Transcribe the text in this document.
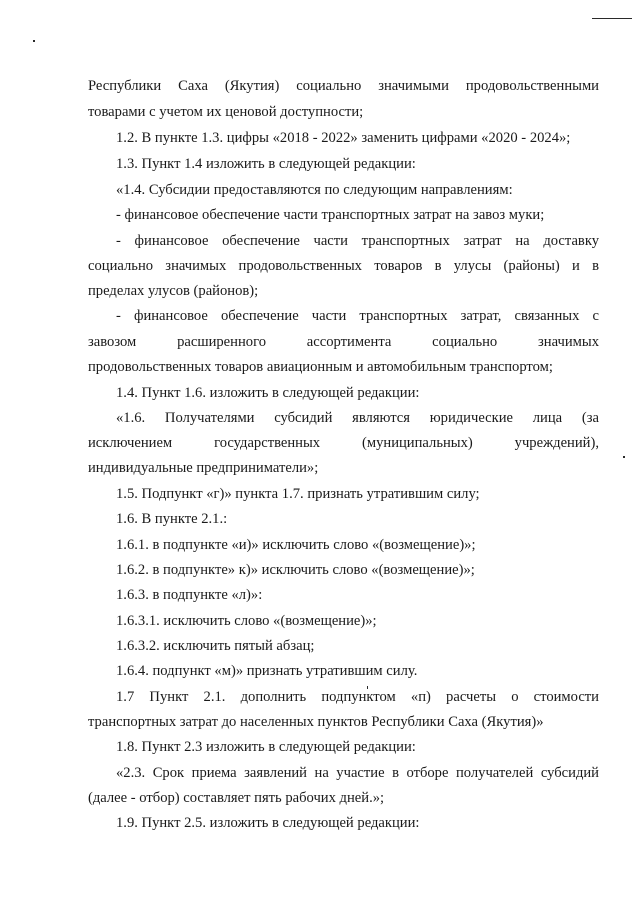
Республики Саха (Якутия) социально значимыми продовольственными
товарами с учетом их ценовой доступности;
1.2. В пункте 1.3. цифры «2018 - 2022» заменить цифрами «2020 - 2024»;
1.3. Пункт 1.4 изложить в следующей редакции:
«1.4. Субсидии предоставляются по следующим направлениям:
- финансовое обеспечение части транспортных затрат на завоз муки;
- финансовое обеспечение части транспортных затрат на доставку
социально значимых продовольственных товаров в улусы (районы) и в
пределах улусов (районов);
- финансовое обеспечение части транспортных затрат, связанных с
завозом расширенного ассортимента социально значимых
продовольственных товаров авиационным и автомобильным транспортом;
1.4. Пункт 1.6. изложить в следующей редакции:
«1.6. Получателями субсидий являются юридические лица (за
исключением государственных (муниципальных) учреждений),
индивидуальные предприниматели»;
1.5. Подпункт «г)» пункта 1.7. признать утратившим силу;
1.6. В пункте 2.1.:
1.6.1. в подпункте «и)» исключить слово «(возмещение)»;
1.6.2. в подпункте» к)» исключить слово «(возмещение)»;
1.6.3. в подпункте «л)»:
1.6.3.1. исключить слово «(возмещение)»;
1.6.3.2. исключить пятый абзац;
1.6.4. подпункт «м)» признать утратившим силу.
1.7 Пункт 2.1. дополнить подпунктом «п) расчеты о стоимости
транспортных затрат до населенных пунктов Республики Саха (Якутия)»
1.8. Пункт 2.3 изложить в следующей редакции:
«2.3. Срок приема заявлений на участие в отборе получателей субсидий
(далее - отбор) составляет пять рабочих дней.»;
1.9. Пункт 2.5. изложить в следующей редакции:
